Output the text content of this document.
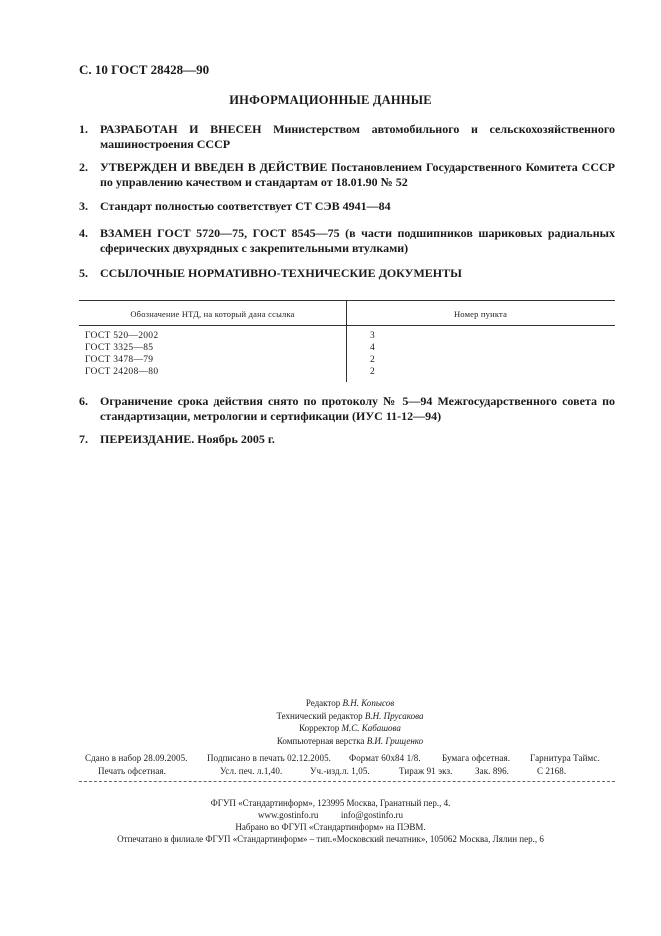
С. 10 ГОСТ 28428—90
ИНФОРМАЦИОННЫЕ ДАННЫЕ
1. РАЗРАБОТАН И ВНЕСЕН Министерством автомобильного и сельскохозяйственного машиностроения СССР
2. УТВЕРЖДЕН И ВВЕДЕН В ДЕЙСТВИЕ Постановлением Государственного Комитета СССР по управлению качеством и стандартам от 18.01.90 № 52
3. Стандарт полностью соответствует СТ СЭВ 4941—84
4. ВЗАМЕН ГОСТ 5720—75, ГОСТ 8545—75 (в части подшипников шариковых радиальных сферических двухрядных с закрепительными втулками)
5. ССЫЛОЧНЫЕ НОРМАТИВНО-ТЕХНИЧЕСКИЕ ДОКУМЕНТЫ
Обозначение НТД, на который дана ссылка	Номер пункта
ГОСТ 520—2002	3
ГОСТ 3325—85	4
ГОСТ 3478—79	2
ГОСТ 24208—80	2
6. Ограничение срока действия снято по протоколу № 5—94 Межгосударственного совета по стандартизации, метрологии и сертификации (ИУС 11-12—94)
7. ПЕРЕИЗДАНИЕ. Ноябрь 2005 г.
Редактор В.Н. Копысов
Технический редактор В.Н. Прусакова
Корректор М.С. Кабашова
Компьютерная верстка В.И. Грищенко
Сдано в набор 28.09.2005. Подписано в печать 02.12.2005. Формат 60х84 1/8. Бумага офсетная. Гарнитура Таймс.
Печать офсетная.	Усл. печ. л.1,40.	Уч.-изд.л. 1,05.	Тираж 91 экз. Зак. 896.	С 2168.
ФГУП «Стандартинформ», 123995 Москва, Гранатный пер., 4.
www.gostinfo.ru          info@gostinfo.ru
Набрано во ФГУП «Стандартинформ» на ПЭВМ.
Отпечатано в филиале ФГУП «Стандартинформ» – тип.«Московский печатник», 105062 Москва, Лялин пер., 6
